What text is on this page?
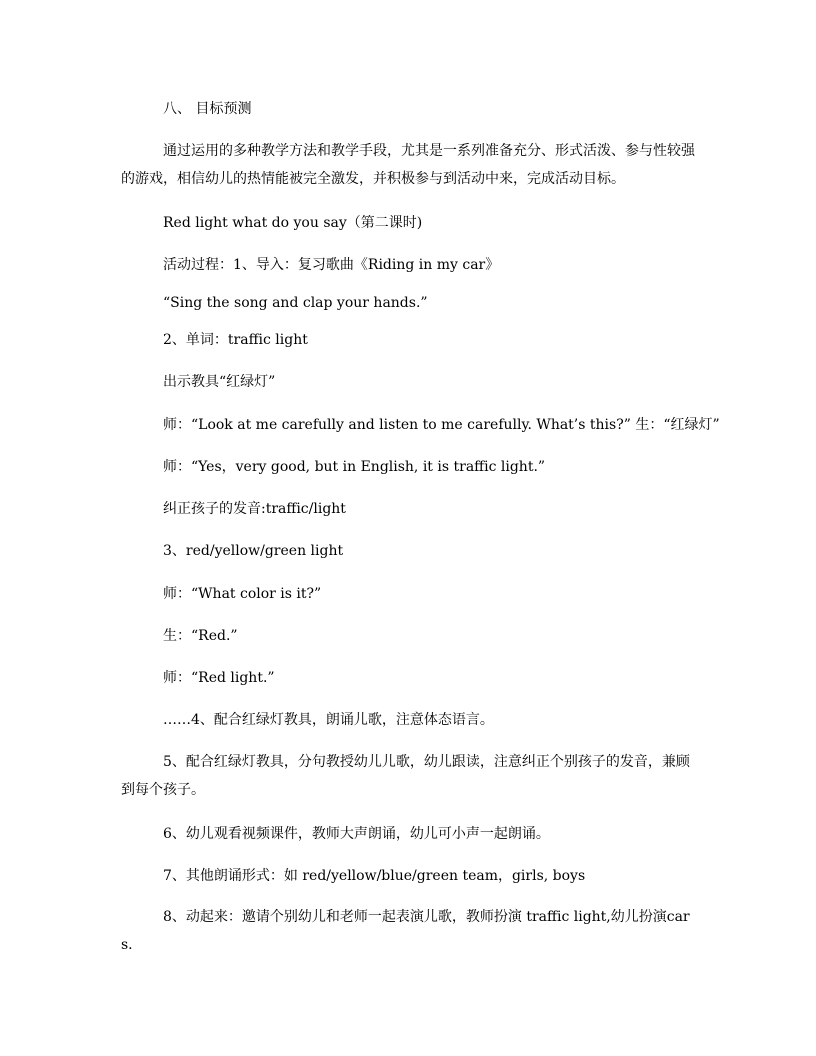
八、 目标预测
通过运用的多种教学方法和教学手段，尤其是一系列准备充分、形式活泼、参与性较强的游戏，相信幼儿的热情能被完全激发，并积极参与到活动中来，完成活动目标。
Red light what do you say（第二课时)
活动过程：1、导入：复习歌曲《Riding in my car》
“Sing the song and clap your hands.”
2、单词：traffic light
出示教具“红绿灯”
师：“Look at me carefully and listen to me carefully. What’s this?” 生：“红绿灯”
师：“Yes，very good, but in English, it is traffic light.”
纠正孩子的发音:traffic/light
3、red/yellow/green light
师：“What color is it?”
生：“Red.”
师：“Red light.”
……4、配合红绿灯教具，朗诵儿歌，注意体态语言。
5、配合红绿灯教具，分句教授幼儿儿歌，幼儿跟读，注意纠正个别孩子的发音，兼顾到每个孩子。
6、幼儿观看视频课件，教师大声朗诵，幼儿可小声一起朗诵。
7、其他朗诵形式：如 red/yellow/blue/green team，girls, boys
8、动起来：邀请个别幼儿和老师一起表演儿歌，教师扮演 traffic light,幼儿扮演cars.
